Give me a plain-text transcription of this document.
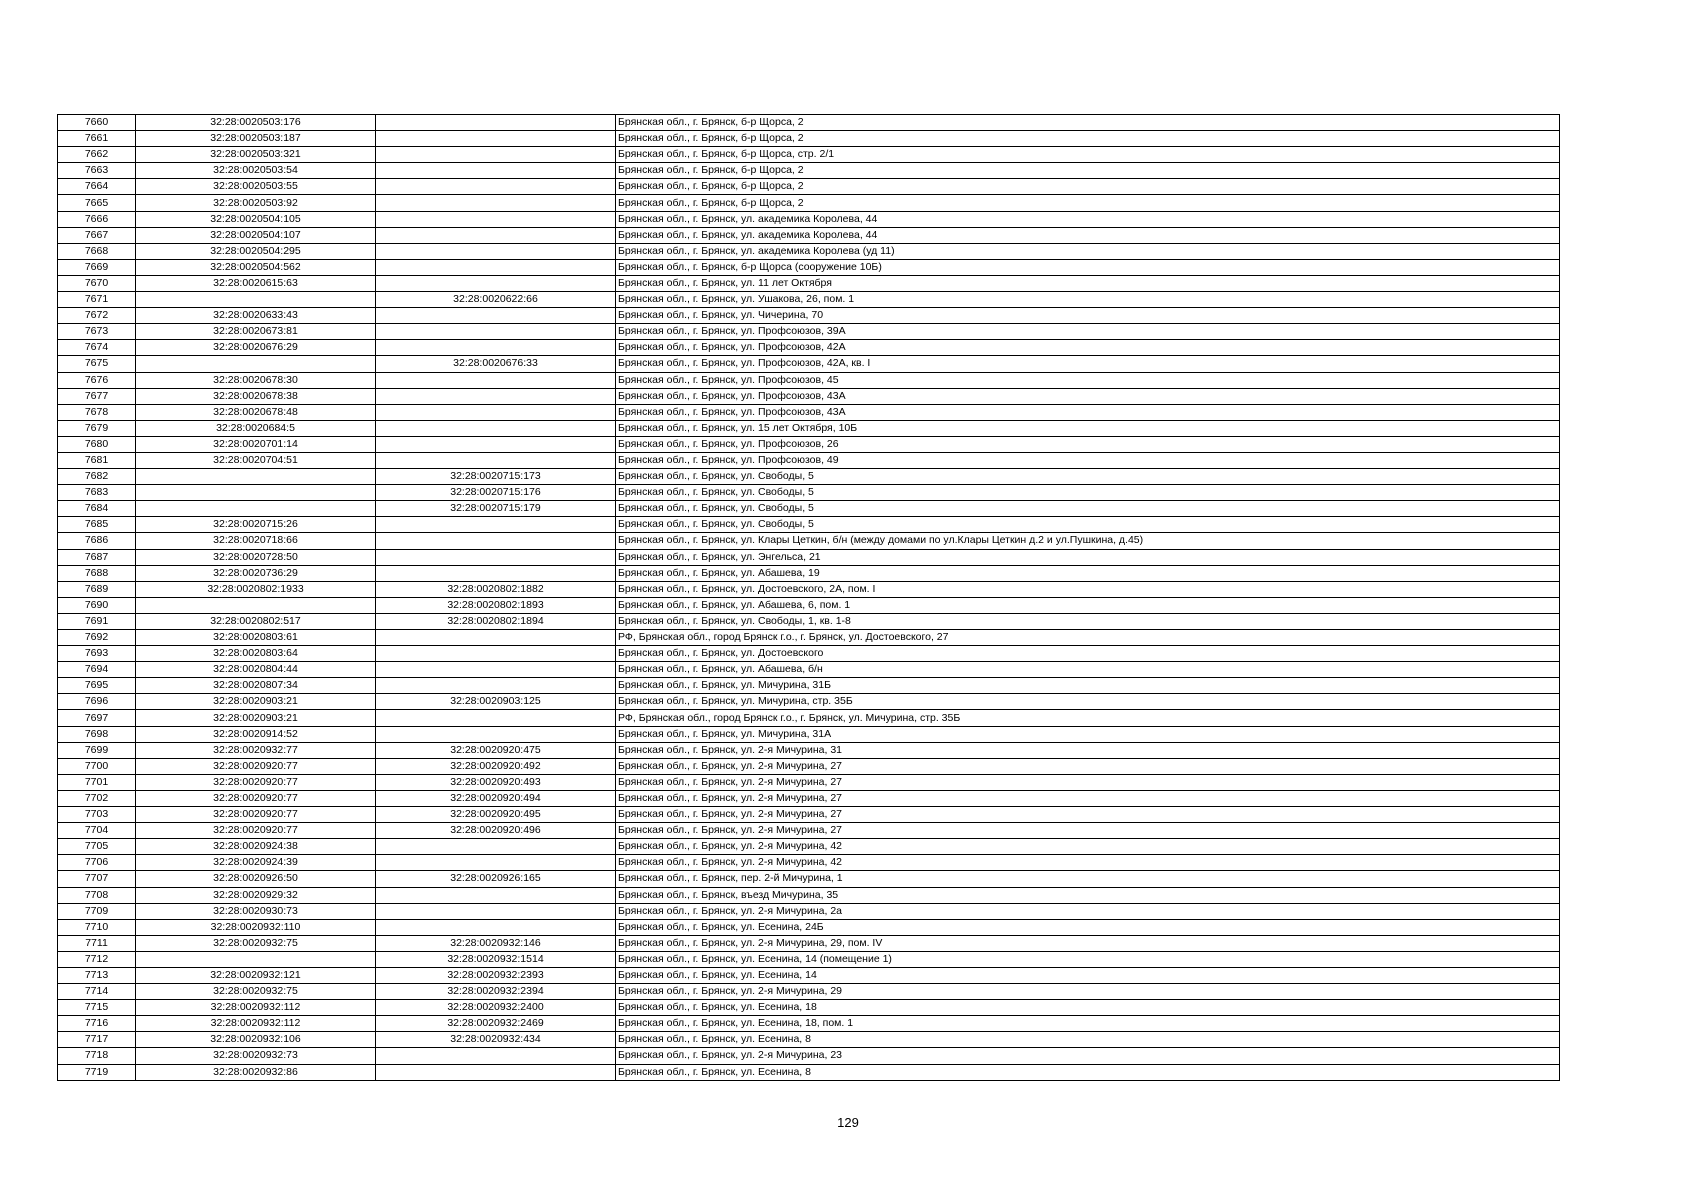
7660	32:28:0020503:176		Брянская обл., г. Брянск, б-р Щорса, 2
7661	32:28:0020503:187		Брянская обл., г. Брянск, б-р Щорса, 2
7662	32:28:0020503:321		Брянская обл., г. Брянск, б-р Щорса, стр. 2/1
7663	32:28:0020503:54		Брянская обл., г. Брянск, б-р Щорса, 2
7664	32:28:0020503:55		Брянская обл., г. Брянск, б-р Щорса, 2
7665	32:28:0020503:92		Брянская обл., г. Брянск, б-р Щорса, 2
7666	32:28:0020504:105		Брянская обл., г. Брянск, ул. академика Королева, 44
7667	32:28:0020504:107		Брянская обл., г. Брянск, ул. академика Королева, 44
7668	32:28:0020504:295		Брянская обл., г. Брянск, ул. академика Королева (уд 11)
7669	32:28:0020504:562		Брянская обл., г. Брянск, б-р Щорса (сооружение 10Б)
7670	32:28:0020615:63		Брянская обл., г. Брянск, ул. 11 лет Октября
7671		32:28:0020622:66	Брянская обл., г. Брянск, ул. Ушакова, 26, пом. 1
7672	32:28:0020633:43		Брянская обл., г. Брянск, ул. Чичерина, 70
7673	32:28:0020673:81		Брянская обл., г. Брянск, ул. Профсоюзов, 39А
7674	32:28:0020676:29		Брянская обл., г. Брянск, ул. Профсоюзов, 42А
7675		32:28:0020676:33	Брянская обл., г. Брянск, ул. Профсоюзов, 42А, кв. I
7676	32:28:0020678:30		Брянская обл., г. Брянск, ул. Профсоюзов, 45
7677	32:28:0020678:38		Брянская обл., г. Брянск, ул. Профсоюзов, 43А
7678	32:28:0020678:48		Брянская обл., г. Брянск, ул. Профсоюзов, 43А
7679	32:28:0020684:5		Брянская обл., г. Брянск, ул. 15 лет Октября, 10Б
7680	32:28:0020701:14		Брянская обл., г. Брянск, ул. Профсоюзов, 26
7681	32:28:0020704:51		Брянская обл., г. Брянск, ул. Профсоюзов, 49
7682		32:28:0020715:173	Брянская обл., г. Брянск, ул. Свободы, 5
7683		32:28:0020715:176	Брянская обл., г. Брянск, ул. Свободы, 5
7684		32:28:0020715:179	Брянская обл., г. Брянск, ул. Свободы, 5
7685	32:28:0020715:26		Брянская обл., г. Брянск, ул. Свободы, 5
7686	32:28:0020718:66		Брянская обл., г. Брянск, ул. Клары Цеткин, б/н (между домами по ул.Клары Цеткин д.2 и ул.Пушкина, д.45)
7687	32:28:0020728:50		Брянская обл., г. Брянск, ул. Энгельса, 21
7688	32:28:0020736:29		Брянская обл., г. Брянск, ул. Абашева, 19
7689	32:28:0020802:1933	32:28:0020802:1882	Брянская обл., г. Брянск, ул. Достоевского, 2А, пом. I
7690		32:28:0020802:1893	Брянская обл., г. Брянск, ул. Абашева, 6, пом. 1
7691	32:28:0020802:517	32:28:0020802:1894	Брянская обл., г. Брянск, ул. Свободы, 1, кв. 1-8
7692	32:28:0020803:61		РФ, Брянская обл., город Брянск г.о., г. Брянск, ул. Достоевского, 27
7693	32:28:0020803:64		Брянская обл., г. Брянск, ул. Достоевского
7694	32:28:0020804:44		Брянская обл., г. Брянск, ул. Абашева, б/н
7695	32:28:0020807:34		Брянская обл., г. Брянск, ул. Мичурина, 31Б
7696	32:28:0020903:21	32:28:0020903:125	Брянская обл., г. Брянск, ул. Мичурина, стр. 35Б
7697	32:28:0020903:21		РФ, Брянская обл., город Брянск г.о., г. Брянск, ул. Мичурина, стр. 35Б
7698	32:28:0020914:52		Брянская обл., г. Брянск, ул. Мичурина, 31А
7699	32:28:0020932:77	32:28:0020920:475	Брянская обл., г. Брянск, ул. 2-я Мичурина, 31
7700	32:28:0020920:77	32:28:0020920:492	Брянская обл., г. Брянск, ул. 2-я Мичурина, 27
7701	32:28:0020920:77	32:28:0020920:493	Брянская обл., г. Брянск, ул. 2-я Мичурина, 27
7702	32:28:0020920:77	32:28:0020920:494	Брянская обл., г. Брянск, ул. 2-я Мичурина, 27
7703	32:28:0020920:77	32:28:0020920:495	Брянская обл., г. Брянск, ул. 2-я Мичурина, 27
7704	32:28:0020920:77	32:28:0020920:496	Брянская обл., г. Брянск, ул. 2-я Мичурина, 27
7705	32:28:0020924:38		Брянская обл., г. Брянск, ул. 2-я Мичурина, 42
7706	32:28:0020924:39		Брянская обл., г. Брянск, ул. 2-я Мичурина, 42
7707	32:28:0020926:50	32:28:0020926:165	Брянская обл., г. Брянск, пер. 2-й Мичурина, 1
7708	32:28:0020929:32		Брянская обл., г. Брянск, въезд Мичурина, 35
7709	32:28:0020930:73		Брянская обл., г. Брянск, ул. 2-я Мичурина, 2а
7710	32:28:0020932:110		Брянская обл., г. Брянск, ул. Есенина, 24Б
7711	32:28:0020932:75	32:28:0020932:146	Брянская обл., г. Брянск, ул. 2-я Мичурина, 29, пом. IV
7712		32:28:0020932:1514	Брянская обл., г. Брянск, ул. Есенина, 14 (помещение 1)
7713	32:28:0020932:121	32:28:0020932:2393	Брянская обл., г. Брянск, ул. Есенина, 14
7714	32:28:0020932:75	32:28:0020932:2394	Брянская обл., г. Брянск, ул. 2-я Мичурина, 29
7715	32:28:0020932:112	32:28:0020932:2400	Брянская обл., г. Брянск, ул. Есенина, 18
7716	32:28:0020932:112	32:28:0020932:2469	Брянская обл., г. Брянск, ул. Есенина, 18, пом. 1
7717	32:28:0020932:106	32:28:0020932:434	Брянская обл., г. Брянск, ул. Есенина, 8
7718	32:28:0020932:73		Брянская обл., г. Брянск, ул. 2-я Мичурина, 23
7719	32:28:0020932:86		Брянская обл., г. Брянск, ул. Есенина, 8
129
